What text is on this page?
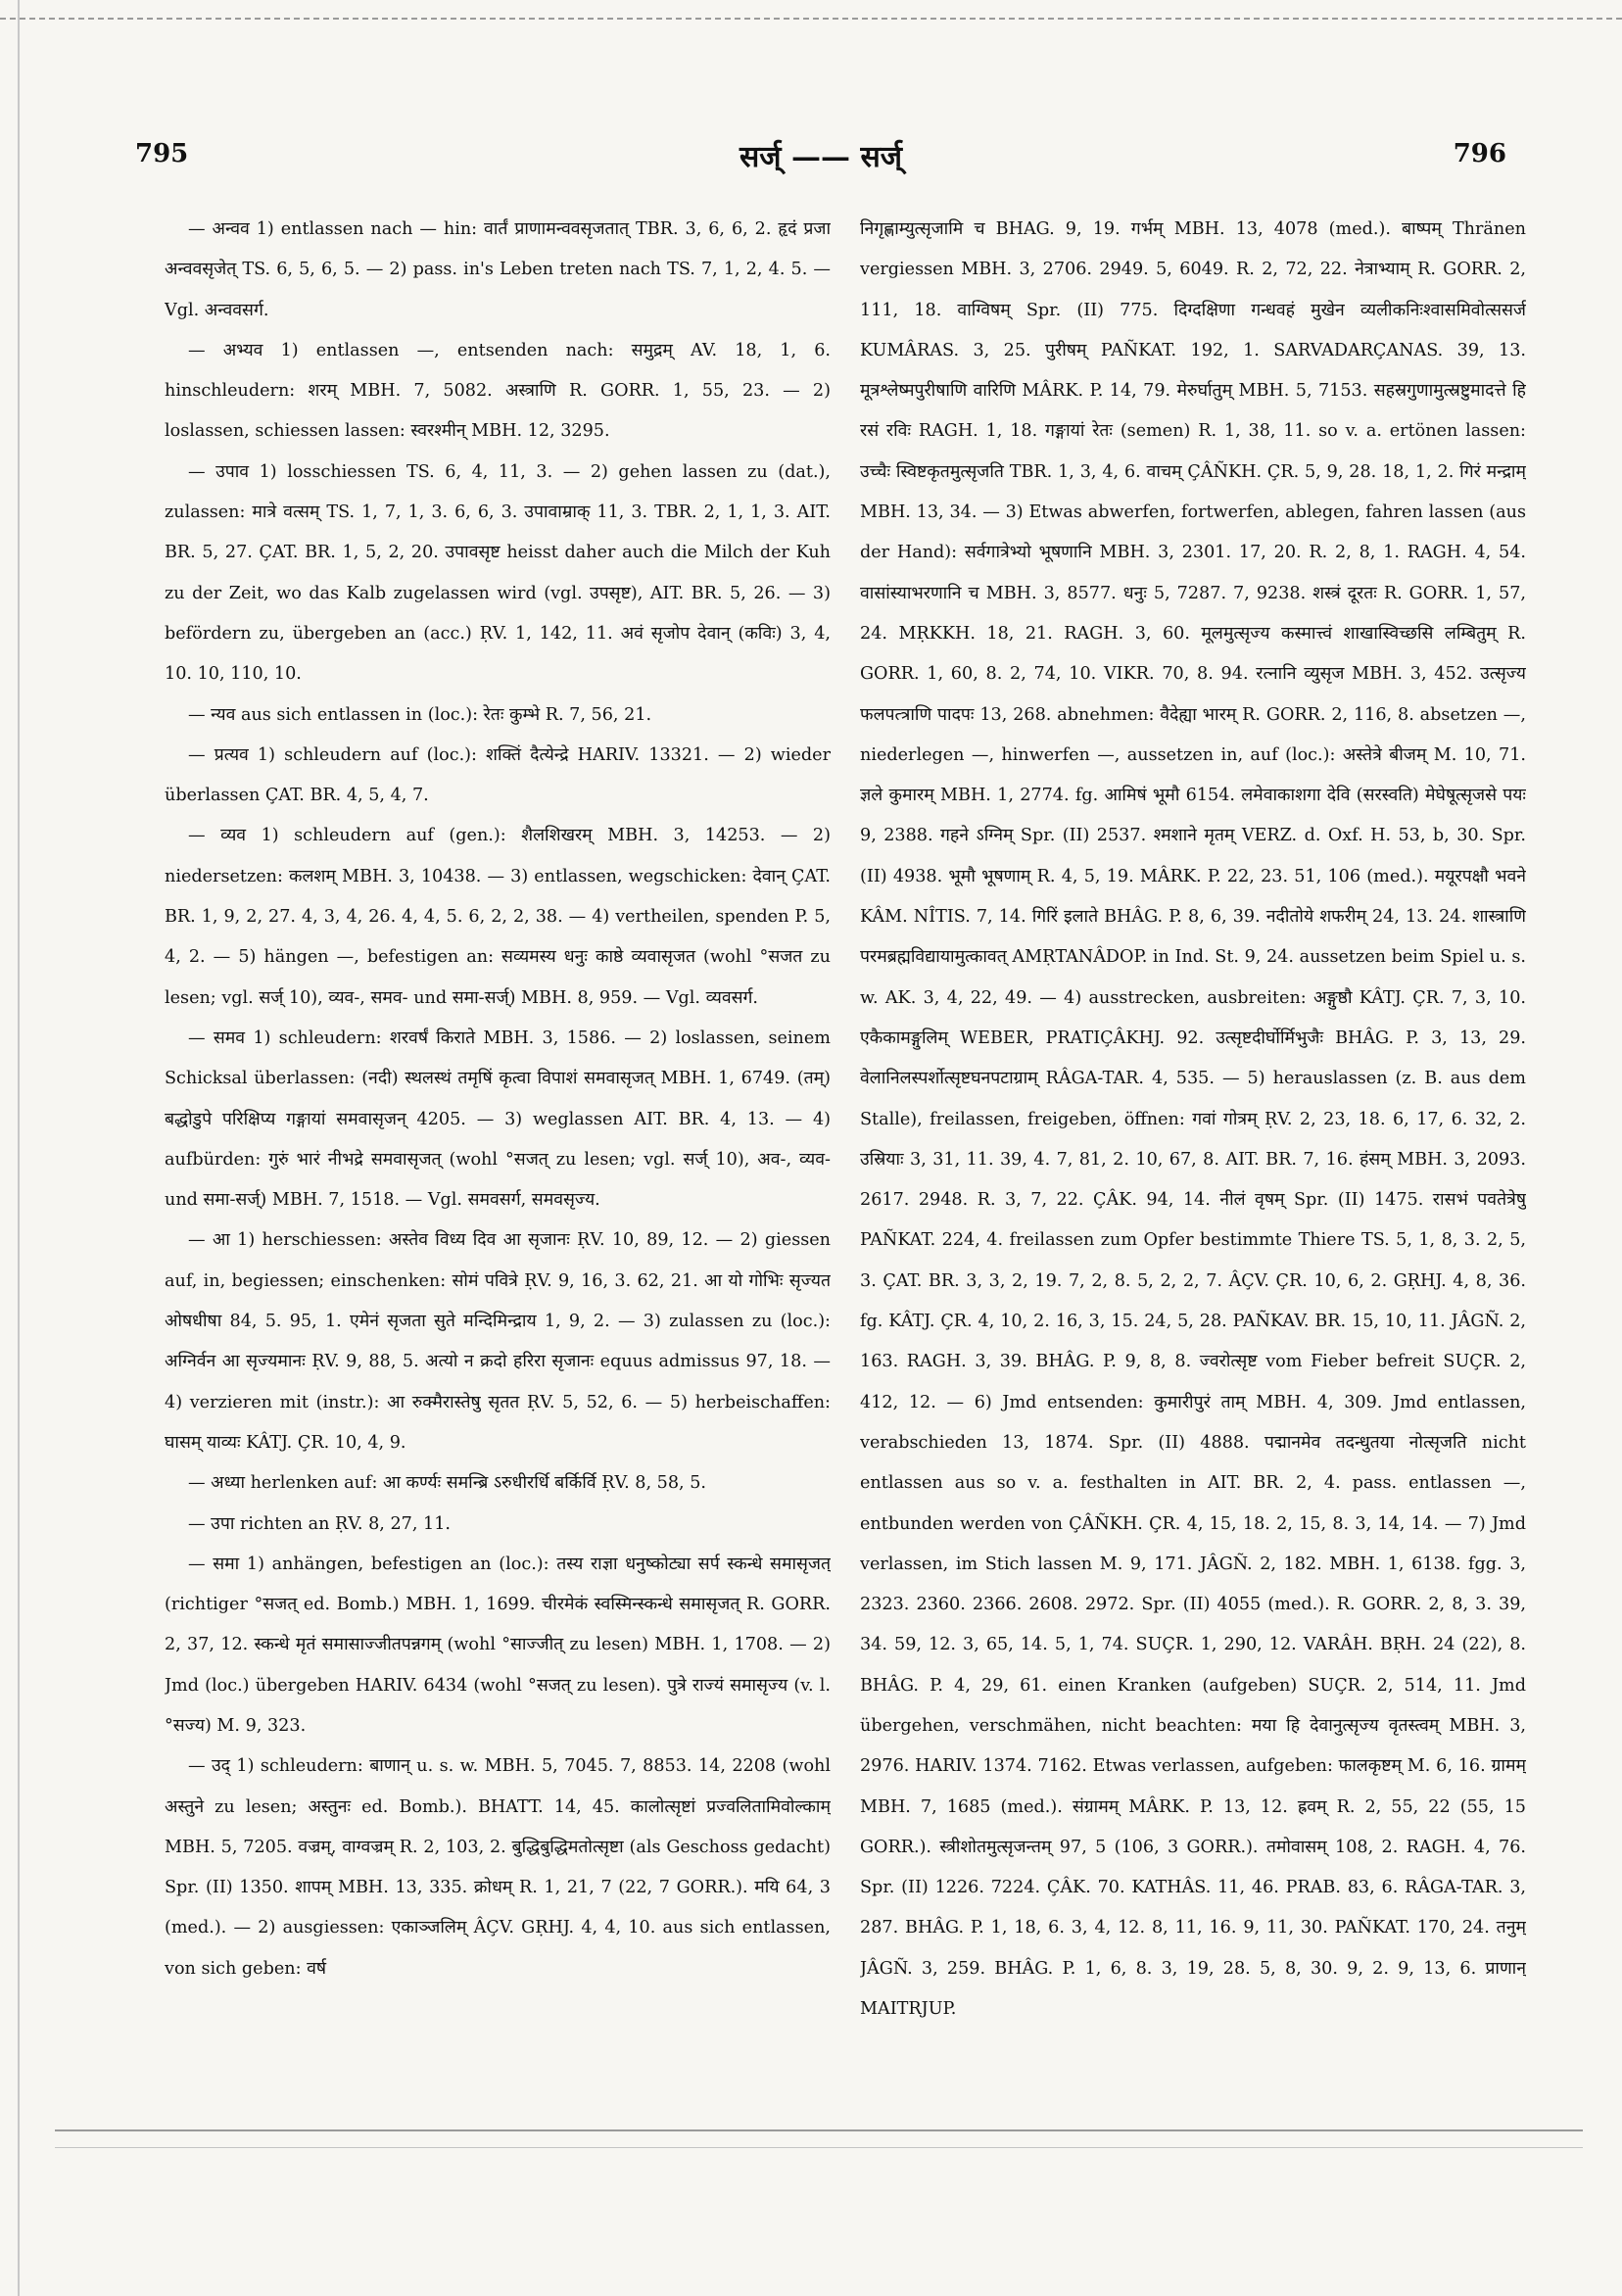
795	सर्ज् —— सर्ज्	796

— अन्वव 1) entlassen nach — hin: वार्तं प्राणामन्ववसृजतात् TBR. 3, 6, 6, 2. हृदं प्रजा अन्ववसृजेत् TS. 6, 5, 6, 5. — 2) pass. in's Leben treten nach TS. 7, 1, 2, 4. 5. — Vgl. अन्ववसर्ग.

— अभ्यव 1) entlassen —, entsenden nach: समुद्रम् AV. 18, 1, 6. hinschleudern: शरम् MBH. 7, 5082. अस्त्राणि R. GORR. 1, 55, 23. — 2) loslassen, schiessen lassen: स्वरश्मीन् MBH. 12, 3295.

— उपाव 1) losschiessen TS. 6, 4, 11, 3. — 2) gehen lassen zu (dat.), zulassen: मात्रे वत्सम् TS. 1, 7, 1, 3. 6, 6, 3. उपावाम्राक् 11, 3. TBR. 2, 1, 1, 3. AIT. BR. 5, 27. ÇAT. BR. 1, 5, 2, 20. उपावसृष्ट heisst daher auch die Milch der Kuh zu der Zeit, wo das Kalb zugelassen wird (vgl. उपसृष्ट), AIT. BR. 5, 26. — 3) befördern zu, übergeben an (acc.) ṚV. 1, 142, 11. अवं सृजोप देवान् (कविः) 3, 4, 10. 10, 110, 10.

— न्यव aus sich entlassen in (loc.): रेतः कुम्भे R. 7, 56, 21.

— प्रत्यव 1) schleudern auf (loc.): शक्तिं दैत्येन्द्रे HARIV. 13321. — 2) wieder überlassen ÇAT. BR. 4, 5, 4, 7.

— व्यव 1) schleudern auf (gen.): शैलशिखरम् MBH. 3, 14253. — 2) niedersetzen: कलशम् MBH. 3, 10438. — 3) entlassen, wegschicken: देवान् ÇAT. BR. 1, 9, 2, 27. 4, 3, 4, 26. 4, 4, 5. 6, 2, 2, 38. — 4) vertheilen, spenden P. 5, 4, 2. — 5) hängen —, befestigen an: सव्यमस्य धनुः काष्ठे व्यवासृजत (wohl °सजत zu lesen; vgl. सर्ज् 10), व्यव-, समव- und समा-सर्ज्) MBH. 8, 959. — Vgl. व्यवसर्ग.

— समव 1) schleudern: शरवर्षं किराते MBH. 3, 1586. — 2) loslassen, seinem Schicksal überlassen: (नदी) स्थलस्थं तमृषिं कृत्वा विपाशं समवासृजत् MBH. 1, 6749. (तम्) बद्धोडुपे परिक्षिप्य गङ्गायां समवासृजन् 4205. — 3) weglassen AIT. BR. 4, 13. — 4) aufbürden: गुरुं भारं नीभद्रे समवासृजत् (wohl °सजत् zu lesen; vgl. सर्ज् 10), अव-, व्यव- und समा-सर्ज्) MBH. 7, 1518. — Vgl. समवसर्ग, समवसृज्य.

— आ 1) herschiessen: अस्तेव विध्य दिव आ सृजानः ṚV. 10, 89, 12. — 2) giessen auf, in, begiessen; einschenken: सोमं पवित्रे ṚV. 9, 16, 3. 62, 21. आ यो गोभिः सृज्यत ओषधीषा 84, 5. 95, 1. एमेनं सृजता सुते मन्दिमिन्द्राय 1, 9, 2. — 3) zulassen zu (loc.): अग्निर्वन आ सृज्यमानः ṚV. 9, 88, 5. अत्यो न क्रदो हरिरा सृजानः equus admissus 97, 18. — 4) verzieren mit (instr.): आ रुक्मैरास्तेषु सृतत ṚV. 5, 52, 6. — 5) herbeischaffen: घासम् याव्यः KÂTJ. ÇR. 10, 4, 9.

— अध्या herlenken auf: आ कर्ण्यः समन्ब्रि ऽरुधीरर्धि बर्किर्वि ṚV. 8, 58, 5.

— उपा richten an ṚV. 8, 27, 11.

— समा 1) anhängen, befestigen an (loc.): तस्य राज्ञा धनुष्कोट्या सर्प स्कन्धे समासृजत् (richtiger °सजत् ed. Bomb.) MBH. 1, 1699. चीरमेकं स्वस्मिन्स्कन्धे समासृजत् R. GORR. 2, 37, 12. स्कन्धे मृतं समासाज्जीतपन्नगम् (wohl °साज्जीत् zu lesen) MBH. 1, 1708. — 2) Jmd (loc.) übergeben HARIV. 6434 (wohl °सजत् zu lesen). पुत्रे राज्यं समासृज्य (v. l. °सज्य) M. 9, 323.

— उद् 1) schleudern: बाणान् u. s. w. MBH. 5, 7045. 7, 8853. 14, 2208 (wohl अस्तुने zu lesen; अस्तुनः ed. Bomb.). BHATT. 14, 45. कालोत्सृष्टां प्रज्वलितामिवोल्काम् MBH. 5, 7205. वज्रम्, वाग्वज्रम् R. 2, 103, 2. बुद्धिबुद्धिमतोत्सृष्टा (als Geschoss gedacht) Spr. (II) 1350. शापम् MBH. 13, 335. क्रोधम् R. 1, 21, 7 (22, 7 GORR.). मयि 64, 3 (med.). — 2) ausgiessen: एकाञ्जलिम् ÂÇV. GṚHJ. 4, 4, 10. aus sich entlassen, von sich geben: वर्ष

निगृह्णाम्युत्सृजामि च BHAG. 9, 19. गर्भम् MBH. 13, 4078 (med.). बाष्पम् Thränen vergiessen MBH. 3, 2706. 2949. 5, 6049. R. 2, 72, 22. नेत्राभ्याम् R. GORR. 2, 111, 18. वाग्विषम् Spr. (II) 775. दिग्दक्षिणा गन्धवहं मुखेन व्यलीकनिःश्वासमिवोत्ससर्ज KUMÂRAS. 3, 25. पुरीषम् PAÑKAT. 192, 1. SARVADARÇANAS. 39, 13. मूत्रश्लेष्मपुरीषाणि वारिणि MÂRK. P. 14, 79. मेरुर्घातुम् MBH. 5, 7153. सहस्रगुणामुत्स्रष्टुमादत्ते हि रसं रविः RAGH. 1, 18. गङ्गायां रेतः (semen) R. 1, 38, 11. so v. a. ertönen lassen: उच्चैः स्विष्टकृतमुत्सृजति TBR. 1, 3, 4, 6. वाचम् ÇÂÑKH. ÇR. 5, 9, 28. 18, 1, 2. गिरं मन्द्राम् MBH. 13, 34. — 3) Etwas abwerfen, fortwerfen, ablegen, fahren lassen (aus der Hand): सर्वगात्रेभ्यो भूषणानि MBH. 3, 2301. 17, 20. R. 2, 8, 1. RAGH. 4, 54. वासांस्याभरणानि च MBH. 3, 8577. धनुः 5, 7287. 7, 9238. शस्त्रं दूरतः R. GORR. 1, 57, 24. MṚKKH. 18, 21. RAGH. 3, 60. मूलमुत्सृज्य कस्मात्त्वं शाखास्विच्छसि लम्बितुम् R. GORR. 1, 60, 8. 2, 74, 10. VIKR. 70, 8. 94. रत्नानि व्युसृज MBH. 3, 452. उत्सृज्य फलपत्त्राणि पादपः 13, 268. abnehmen: वैदेह्या भारम् R. GORR. 2, 116, 8. absetzen —, niederlegen —, hinwerfen —, aussetzen in, auf (loc.): अस्तेत्रे बीजम् M. 10, 71. ज्ञले कुमारम् MBH. 1, 2774. fg. आमिषं भूमौ 6154. लमेवाकाशगा देवि (सरस्वति) मेघेषूत्सृजसे पयः 9, 2388. गहने ऽग्निम् Spr. (II) 2537. श्मशाने मृतम् VERZ. d. Oxf. H. 53, b, 30. Spr. (II) 4938. भूमौ भूषणाम् R. 4, 5, 19. MÂRK. P. 22, 23. 51, 106 (med.). मयूरपक्षौ भवने KÂM. NÎTIS. 7, 14. गिरिं इलाते BHÂG. P. 8, 6, 39. नदीतोये शफरीम् 24, 13. 24. शास्त्राणि परमब्रह्मविद्यायामुत्कावत् AMṚTANÂDOP. in Ind. St. 9, 24. aussetzen beim Spiel u. s. w. AK. 3, 4, 22, 49. — 4) ausstrecken, ausbreiten: अङ्गुष्ठौ KÂTJ. ÇR. 7, 3, 10. एकैकामङ्गुलिम् WEBER, PRATIÇÂKHJ. 92. उत्सृष्टदीर्घोर्मिभुजैः BHÂG. P. 3, 13, 29. वेलानिलस्पर्शोत्सृष्टघनपटाग्राम् RÂGA-TAR. 4, 535. — 5) herauslassen (z. B. aus dem Stalle), freilassen, freigeben, öffnen: गवां गोत्रम् ṚV. 2, 23, 18. 6, 17, 6. 32, 2. उस्रियाः 3, 31, 11. 39, 4. 7, 81, 2. 10, 67, 8. AIT. BR. 7, 16. हंसम् MBH. 3, 2093. 2617. 2948. R. 3, 7, 22. ÇÂK. 94, 14. नीलं वृषम् Spr. (II) 1475. रासभं पवतेत्रेषु PAÑKAT. 224, 4. freilassen zum Opfer bestimmte Thiere TS. 5, 1, 8, 3. 2, 5, 3. ÇAT. BR. 3, 3, 2, 19. 7, 2, 8. 5, 2, 2, 7. ÂÇV. ÇR. 10, 6, 2. GṚHJ. 4, 8, 36. fg. KÂTJ. ÇR. 4, 10, 2. 16, 3, 15. 24, 5, 28. PAÑKAV. BR. 15, 10, 11. JÂGÑ. 2, 163. RAGH. 3, 39. BHÂG. P. 9, 8, 8. ज्वरोत्सृष्ट vom Fieber befreit SUÇR. 2, 412, 12. — 6) Jmd entsenden: कुमारीपुरं ताम् MBH. 4, 309. Jmd entlassen, verabschieden 13, 1874. Spr. (II) 4888. पद्मानमेव तदन्धुतया नोत्सृजति nicht entlassen aus so v. a. festhalten in AIT. BR. 2, 4. pass. entlassen —, entbunden werden von ÇÂÑKH. ÇR. 4, 15, 18. 2, 15, 8. 3, 14, 14. — 7) Jmd verlassen, im Stich lassen M. 9, 171. JÂGÑ. 2, 182. MBH. 1, 6138. fgg. 3, 2323. 2360. 2366. 2608. 2972. Spr. (II) 4055 (med.). R. GORR. 2, 8, 3. 39, 34. 59, 12. 3, 65, 14. 5, 1, 74. SUÇR. 1, 290, 12. VARÂH. BṚH. 24 (22), 8. BHÂG. P. 4, 29, 61. einen Kranken (aufgeben) SUÇR. 2, 514, 11. Jmd übergehen, verschmähen, nicht beachten: मया हि देवानुत्सृज्य वृतस्त्वम् MBH. 3, 2976. HARIV. 1374. 7162. Etwas verlassen, aufgeben: फालकृष्टम् M. 6, 16. ग्रामम् MBH. 7, 1685 (med.). संग्रामम् MÂRK. P. 13, 12. ह्रवम् R. 2, 55, 22 (55, 15 GORR.). स्त्रीशोतमुत्सृजन्तम् 97, 5 (106, 3 GORR.). तमोवासम् 108, 2. RAGH. 4, 76. Spr. (II) 1226. 7224. ÇÂK. 70. KATHÂS. 11, 46. PRAB. 83, 6. RÂGA-TAR. 3, 287. BHÂG. P. 1, 18, 6. 3, 4, 12. 8, 11, 16. 9, 11, 30. PAÑKAT. 170, 24. तनुम् JÂGÑ. 3, 259. BHÂG. P. 1, 6, 8. 3, 19, 28. 5, 8, 30. 9, 2. 9, 13, 6. प्राणान् MAITRJUP.
